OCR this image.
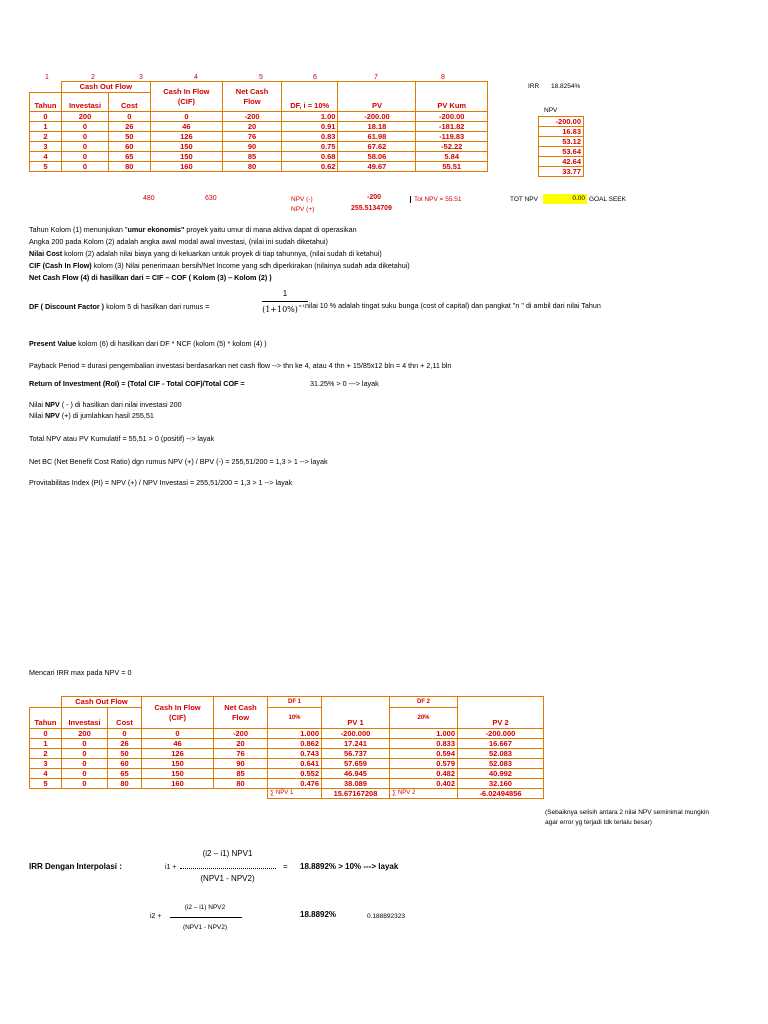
1	2	3	4	5	6	7	8
	Cash Out Flow		Cash In Flow
(CIF)	Net Cash
Flow	DF, i = 10%	PV	PV Kum
Tahun	Investasi	Cost					
0	200	0	0	-200	1.00	-200.00	-200.00
1	0	26	46	20	0.91	18.18	-181.82
2	0	50	126	76	0.83	61.98	-119.83
3	0	60	150	90	0.75	67.62	-52.22
4	0	65	150	85	0.68	58.06	5.84
5	0	80	160	80	0.62	49.67	55.51
480	630	NPV (-)	-200
NPV (+)	255.5134709
Tot NPV = 55.51
IRR 18.8254%
NPV
-200.00
16.83
53.12
53.64
42.64
33.77
TOT NPV	0.00 GOAL SEEK
Tahun Kolom (1) menunjukan "umur ekonomis" proyek yaitu umur di mana aktiva dapat di operasikan
Angka 200 pada Kolom (2) adalah angka awal modal awal investasi, (nilai ini sudah diketahui)
Nilai Cost kolom (2) adalah nilai biaya yang di keluarkan untuk proyek di tiap tahunnya, (nilai sudah di ketahui)
CIF (Cash In Flow) kolom (3) Nilai penerimaan bersih/Net Income yang sdh diperkirakan (nilainya sudah ada diketahui)
Net Cash Flow (4) di hasilkan dari = CIF – COF ( Kolom (3) – Kolom (2) )
DF ( Discount Factor ) kolom 5 di hasilkan dari rumus =
1
(1+10%) n-1 nilai 10 % adalah tingat suku bunga (cost of capital) dan pangkat "n " di ambil dari nilai Tahun
Present Value kolom (6) di hasilkan dari DF * NCF (kolom (5) * kolom (4) )
Payback Period = durasi pengembalian investasi berdasarkan net cash flow --> thn ke 4, atau 4 thn + 15/85x12 bln = 4 thn + 2,11 bln
Return of Investment (RoI) = (Total CIF - Total COF)/Total COF =	31.25% > 0 ---> layak
Nilai NPV ( - ) di hasilkan dari nilai investasi 200
Nilai NPV (+) di jumlahkan hasil 255,51
Total NPV atau PV Kumulatif = 55,51 > 0 (positif) --> layak
Net BC (Net Benefit Cost Ratio) dgn rumus NPV (+) / BPV (-) = 255,51/200 = 1,3 > 1 --> layak
Provitabilitas Index (PI) = NPV (+) / NPV Investasi = 255,51/200 = 1,3 > 1 --> layak
Mencari IRR max pada NPV = 0
	Cash Out Flow		Cash In Flow
(CIF)	Net Cash
Flow	DF 1	PV 1	DF 2	PV 2
Tahun	Investasi	Cost			10%		20%	

0	200	0	0	-200	1.000	-200.000	1.000	-200.000
1	0	26	46	20	0.862	17.241	0.833	16.667
2	0	50	126	76	0.743	56.737	0.594	52.083
3	0	60	150	90	0.641	57.659	0.579	52.083
4	0	65	150	85	0.552	46.945	0.482	40.992
5	0	80	160	80	0.476	38.089	0.402	32.160
					∑ NPV 1	15.67167208	∑ NPV 2	-6.02494856
(Sebaiknya selisih antara 2 nilai NPV seminimal mungkin
agar error yg terjadi tdk terlalu besar)
IRR Dengan Interpolasi :	i1 +
(i2 – i1) NPV1
(NPV1 - NPV2)
= 18.8892% > 10% ---> layak
i2 +
(i2 – i1) NPV2
(NPV1 - NPV2)
18.8892%	0.188892323
